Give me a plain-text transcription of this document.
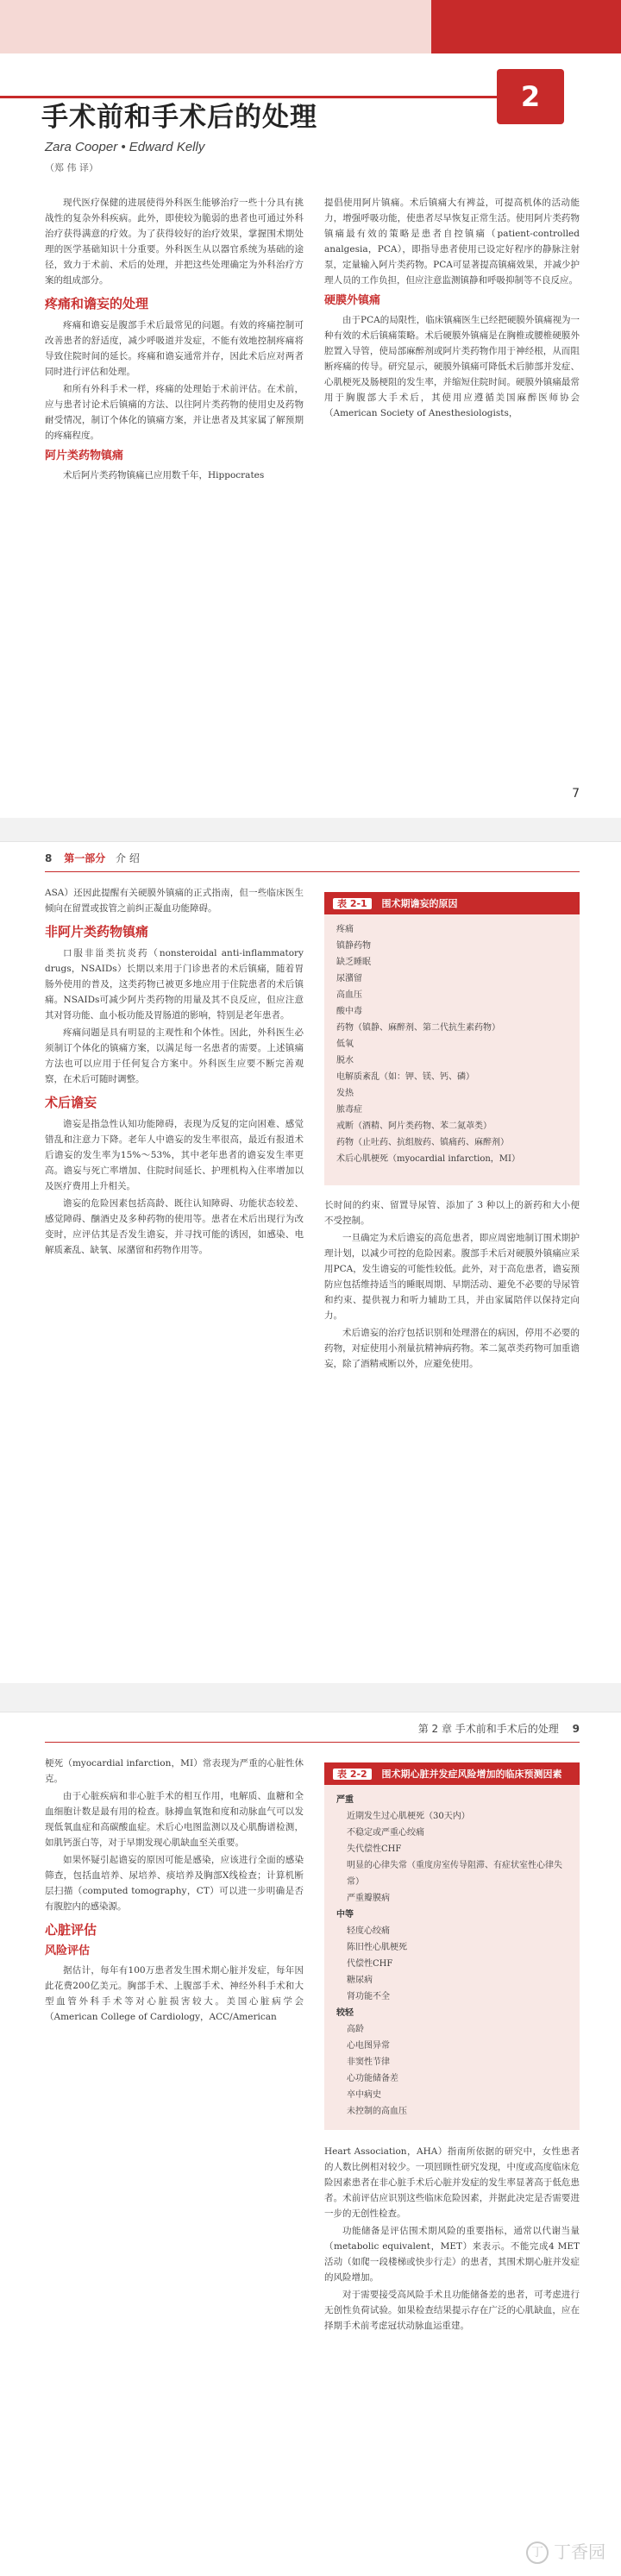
2
手术前和手术后的处理
Zara Cooper • Edward Kelly
（郑 伟 译）

现代医疗保健的进展使得外科医生能够治疗一些十分具有挑战性的复杂外科疾病。此外，即使较为脆弱的患者也可通过外科治疗获得满意的疗效。为了获得较好的治疗效果，掌握围术期处理的医学基础知识十分重要。外科医生从以器官系统为基础的途径，致力于术前、术后的处理，并把这些处理确定为外科治疗方案的组成部分。

疼痛和谵妄的处理

疼痛和谵妄是腹部手术后最常见的问题。有效的疼痛控制可改善患者的舒适度，减少呼吸道并发症，不能有效地控制疼痛将导致住院时间的延长。疼痛和谵妄通常并存，因此术后应对两者同时进行评估和处理。

和所有外科手术一样，疼痛的处理始于术前评估。在术前，应与患者讨论术后镇痛的方法、以往阿片类药物的使用史及药物耐受情况，制订个体化的镇痛方案，并让患者及其家属了解预期的疼痛程度。

阿片类药物镇痛

术后阿片类药物镇痛已应用数千年，Hippocrates

提倡使用阿片镇痛。术后镇痛大有裨益，可提高机体的活动能力，增强呼吸功能，使患者尽早恢复正常生活。使用阿片类药物镇痛最有效的策略是患者自控镇痛（patient-controlled analgesia，PCA），即指导患者使用已设定好程序的静脉注射泵，定量输入阿片类药物。PCA可显著提高镇痛效果，并减少护理人员的工作负担，但应注意监测镇静和呼吸抑制等不良反应。

硬膜外镇痛

由于PCA的局限性，临床镇痛医生已经把硬膜外镇痛视为一种有效的术后镇痛策略。术后硬膜外镇痛是在胸椎或腰椎硬膜外腔置入导管，使局部麻醉剂或阿片类药物作用于神经根，从而阻断疼痛的传导。研究显示，硬膜外镇痛可降低术后肺部并发症、心肌梗死及肠梗阻的发生率，并缩短住院时间。硬膜外镇痛最常用于胸腹部大手术后，其使用应遵循美国麻醉医师协会（American Society of Anesthesiologists，

7
8 第一部分 介 绍

ASA）还因此提醒有关硬膜外镇痛的正式指南，但一些临床医生倾向在留置或拔管之前纠正凝血功能障碍。

非阿片类药物镇痛

口服非甾类抗炎药（nonsteroidal anti-inflammatory drugs，NSAIDs）长期以来用于门诊患者的术后镇痛，随着胃肠外使用的普及，这类药物已被更多地应用于住院患者的术后镇痛。NSAIDs可减少阿片类药物的用量及其不良反应，但应注意其对肾功能、血小板功能及胃肠道的影响，特别是老年患者。

疼痛问题是具有明显的主观性和个体性。因此，外科医生必须制订个体化的镇痛方案，以满足每一名患者的需要。上述镇痛方法也可以应用于任何复合方案中。外科医生应要不断完善观察，在术后可随时调整。

术后谵妄

谵妄是指急性认知功能障碍，表现为反复的定向困难、感觉错乱和注意力下降。老年人中谵妄的发生率很高，最近有报道术后谵妄的发生率为15%～53%，其中老年患者的谵妄发生率更高。谵妄与死亡率增加、住院时间延长、护理机构入住率增加以及医疗费用上升相关。

谵妄的危险因素包括高龄、既往认知障碍、功能状态较差、感觉障碍、酗酒史及多种药物的使用等。患者在术后出现行为改变时，应评估其是否发生谵妄，并寻找可能的诱因，如感染、电解质紊乱、缺氧、尿潴留和药物作用等。

表 2-1 围术期谵妄的原因
疼痛
镇静药物
缺乏睡眠
尿潴留
高血压
酸中毒
药物（镇静、麻醉剂、第二代抗生素药物）
低氧
脱水
电解质紊乱（如：钾、镁、钙、磷）
发热
脓毒症
戒断（酒精、阿片类药物、苯二氮䓬类）
药物（止吐药、抗组胺药、镇痛药、麻醉剂）
术后心肌梗死（myocardial infarction，MI）

长时间的约束、留置导尿管、添加了 3 种以上的新药和大小便不受控制。

一旦确定为术后谵妄的高危患者，即应周密地制订围术期护理计划，以减少可控的危险因素。腹部手术后对硬膜外镇痛应采用PCA，发生谵妄的可能性较低。此外，对于高危患者，谵妄预防应包括维持适当的睡眠周期、早期活动、避免不必要的导尿管和约束、提供视力和听力辅助工具，并由家属陪伴以保持定向力。

术后谵妄的治疗包括识别和处理潜在的病因，停用不必要的药物，对症使用小剂量抗精神病药物。苯二氮䓬类药物可加重谵妄，除了酒精戒断以外，应避免使用。

第 2 章 手术前和手术后的处理 9

梗死（myocardial infarction，MI）常表现为严重的心脏性休克。

由于心脏疾病和非心脏手术的相互作用，电解质、血糖和全血细胞计数是最有用的检查。脉搏血氧饱和度和动脉血气可以发现低氧血症和高碳酸血症。术后心电图监测以及心肌酶谱检测，如肌钙蛋白等，对于早期发现心肌缺血至关重要。

如果怀疑引起谵妄的原因可能是感染，应该进行全面的感染筛查，包括血培养、尿培养、痰培养及胸部X线检查；计算机断层扫描（computed tomography，CT）可以进一步明确是否有腹腔内的感染源。

心脏评估
风险评估

据估计，每年有100万患者发生围术期心脏并发症，每年因此花费200亿美元。胸部手术、上腹部手术、神经外科手术和大型血管外科手术等对心脏损害较大。美国心脏病学会（American College of Cardiology，ACC/American

表 2-2 围术期心脏并发症风险增加的临床预测因素
严重
近期发生过心肌梗死（30天内）
不稳定或严重心绞痛
失代偿性CHF
明显的心律失常（重度房室传导阻滞、有症状室性心律失常）
严重瓣膜病
中等
轻度心绞痛
陈旧性心肌梗死
代偿性CHF
糖尿病
肾功能不全
较轻
高龄
心电图异常
非窦性节律
心功能储备差
卒中病史
未控制的高血压

Heart Association，AHA）指南所依据的研究中，女性患者的人数比例相对较少。一项回顾性研究发现，中度或高度临床危险因素患者在非心脏手术后心脏并发症的发生率显著高于低危患者。术前评估应识别这些临床危险因素，并据此决定是否需要进一步的无创性检查。

功能储备是评估围术期风险的重要指标，通常以代谢当量（metabolic equivalent，MET）来表示。不能完成4 MET活动（如爬一段楼梯或快步行走）的患者，其围术期心脏并发症的风险增加。

对于需要接受高风险手术且功能储备差的患者，可考虑进行无创性负荷试验。如果检查结果提示存在广泛的心肌缺血，应在择期手术前考虑冠状动脉血运重建。

丁 丁香园
